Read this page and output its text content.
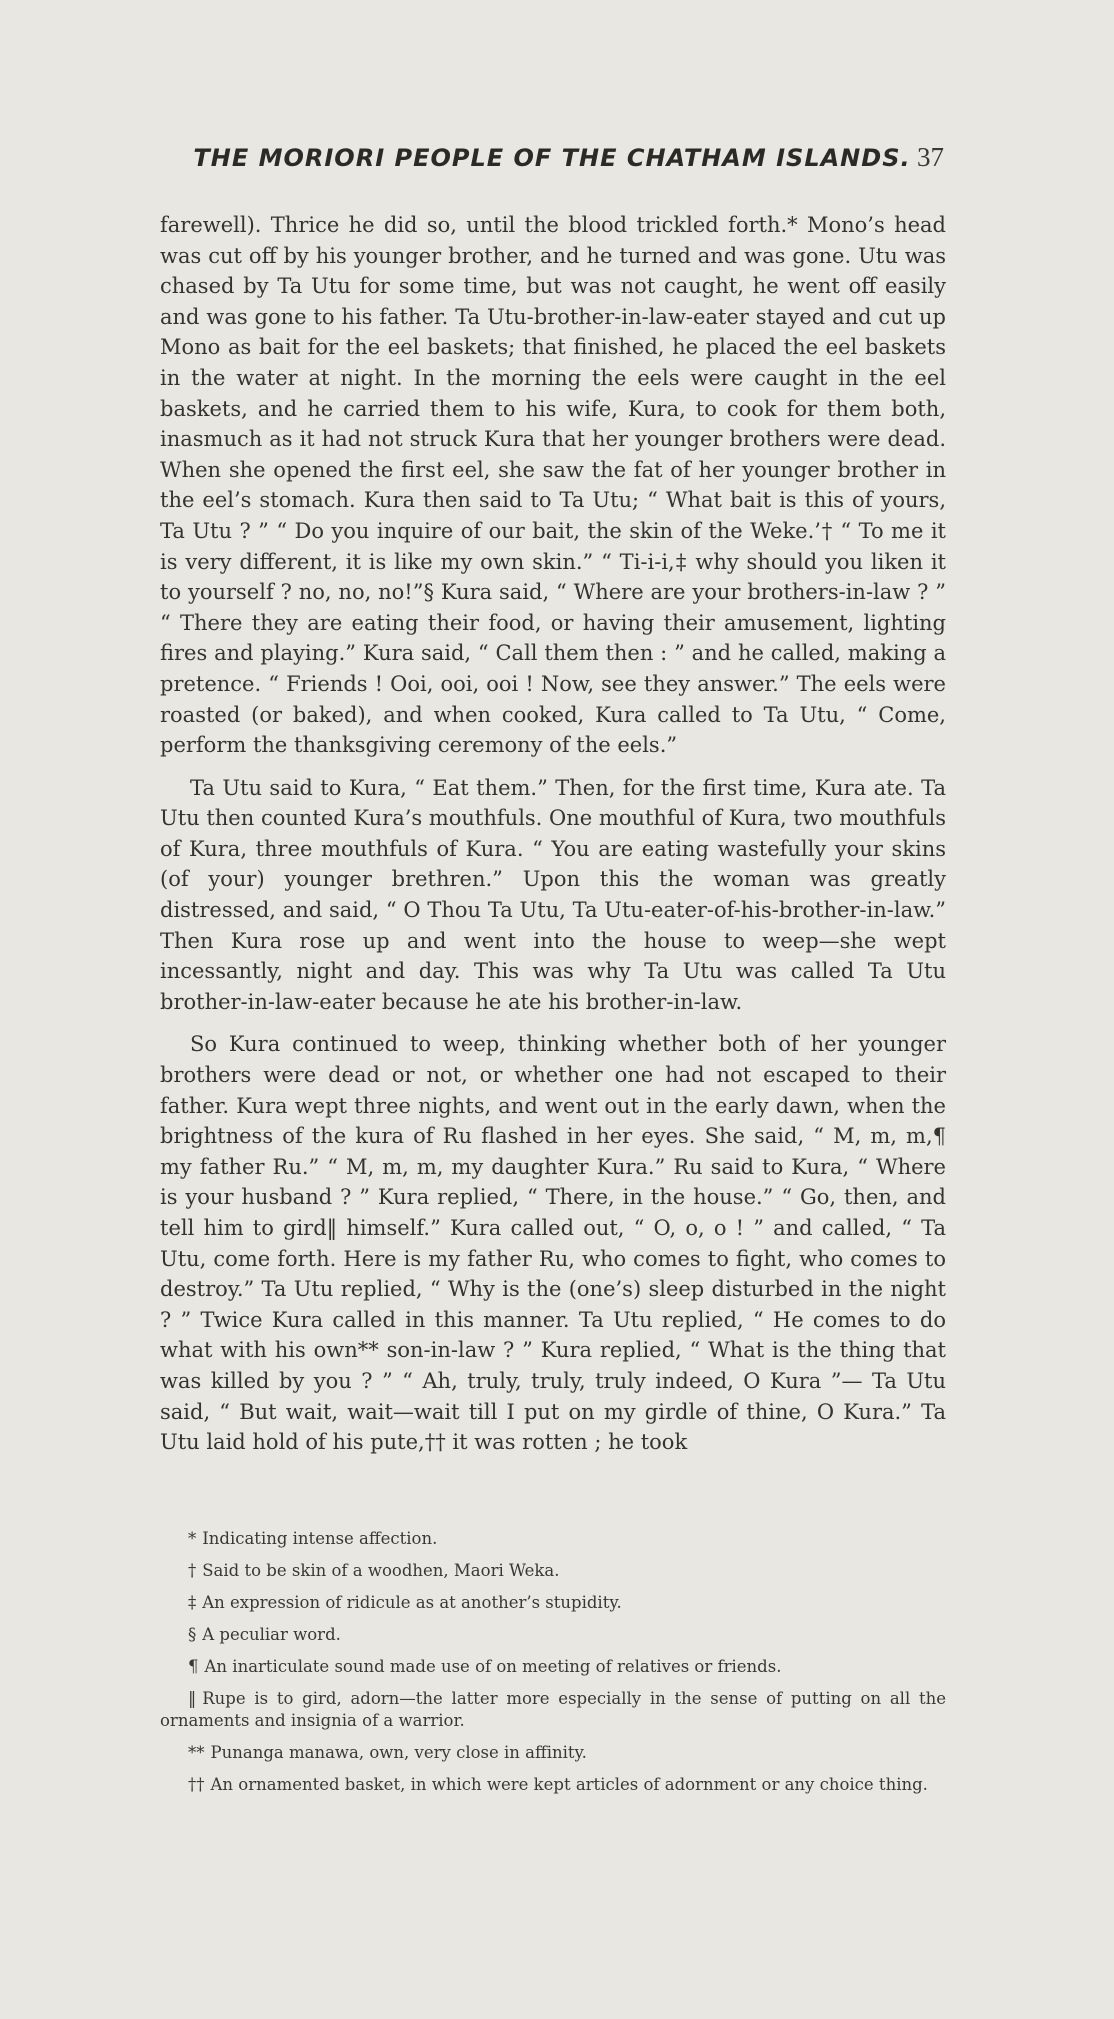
THE MORIORI PEOPLE OF THE CHATHAM ISLANDS. 37

farewell). Thrice he did so, until the blood trickled forth.* Mono’s head was cut off by his younger brother, and he turned and was gone. Utu was chased by Ta Utu for some time, but was not caught, he went off easily and was gone to his father. Ta Utu-brother-in-law-eater stayed and cut up Mono as bait for the eel baskets; that finished, he placed the eel baskets in the water at night. In the morning the eels were caught in the eel baskets, and he carried them to his wife, Kura, to cook for them both, inasmuch as it had not struck Kura that her younger brothers were dead. When she opened the first eel, she saw the fat of her younger brother in the eel’s stomach. Kura then said to Ta Utu; “ What bait is this of yours, Ta Utu ? ” “ Do you inquire of our bait, the skin of the Weke.’† “ To me it is very different, it is like my own skin.” “ Ti-i-i,‡ why should you liken it to yourself ? no, no, no!”§ Kura said, “ Where are your brothers-in-law ? ” “ There they are eating their food, or having their amusement, lighting fires and playing.” Kura said, “ Call them then : ” and he called, making a pretence. “ Friends ! Ooi, ooi, ooi ! Now, see they answer.” The eels were roasted (or baked), and when cooked, Kura called to Ta Utu, “ Come, perform the thanksgiving ceremony of the eels.”

Ta Utu said to Kura, “ Eat them.” Then, for the first time, Kura ate. Ta Utu then counted Kura’s mouthfuls. One mouthful of Kura, two mouthfuls of Kura, three mouthfuls of Kura. “ You are eating wastefully your skins (of your) younger brethren.” Upon this the woman was greatly distressed, and said, “ O Thou Ta Utu, Ta Utu-eater-of-his-brother-in-law.” Then Kura rose up and went into the house to weep—she wept incessantly, night and day. This was why Ta Utu was called Ta Utu brother-in-law-eater because he ate his brother-in-law.

So Kura continued to weep, thinking whether both of her younger brothers were dead or not, or whether one had not escaped to their father. Kura wept three nights, and went out in the early dawn, when the brightness of the kura of Ru flashed in her eyes. She said, “ M, m, m,¶ my father Ru.” “ M, m, m, my daughter Kura.” Ru said to Kura, “ Where is your husband ? ” Kura replied, “ There, in the house.” “ Go, then, and tell him to gird‖ himself.” Kura called out, “ O, o, o ! ” and called, “ Ta Utu, come forth. Here is my father Ru, who comes to fight, who comes to destroy.” Ta Utu replied, “ Why is the (one’s) sleep disturbed in the night ? ” Twice Kura called in this manner. Ta Utu replied, “ He comes to do what with his own** son-in-law ? ” Kura replied, “ What is the thing that was killed by you ? ” “ Ah, truly, truly, truly indeed, O Kura ”— Ta Utu said, “ But wait, wait—wait till I put on my girdle of thine, O Kura.” Ta Utu laid hold of his pute,†† it was rotten ; he took

* Indicating intense affection.

† Said to be skin of a woodhen, Maori Weka.

‡ An expression of ridicule as at another’s stupidity.

§ A peculiar word.

¶ An inarticulate sound made use of on meeting of relatives or friends.

‖ Rupe is to gird, adorn—the latter more especially in the sense of putting on all the ornaments and insignia of a warrior.

** Punanga manawa, own, very close in affinity.

†† An ornamented basket, in which were kept articles of adornment or any choice thing.
